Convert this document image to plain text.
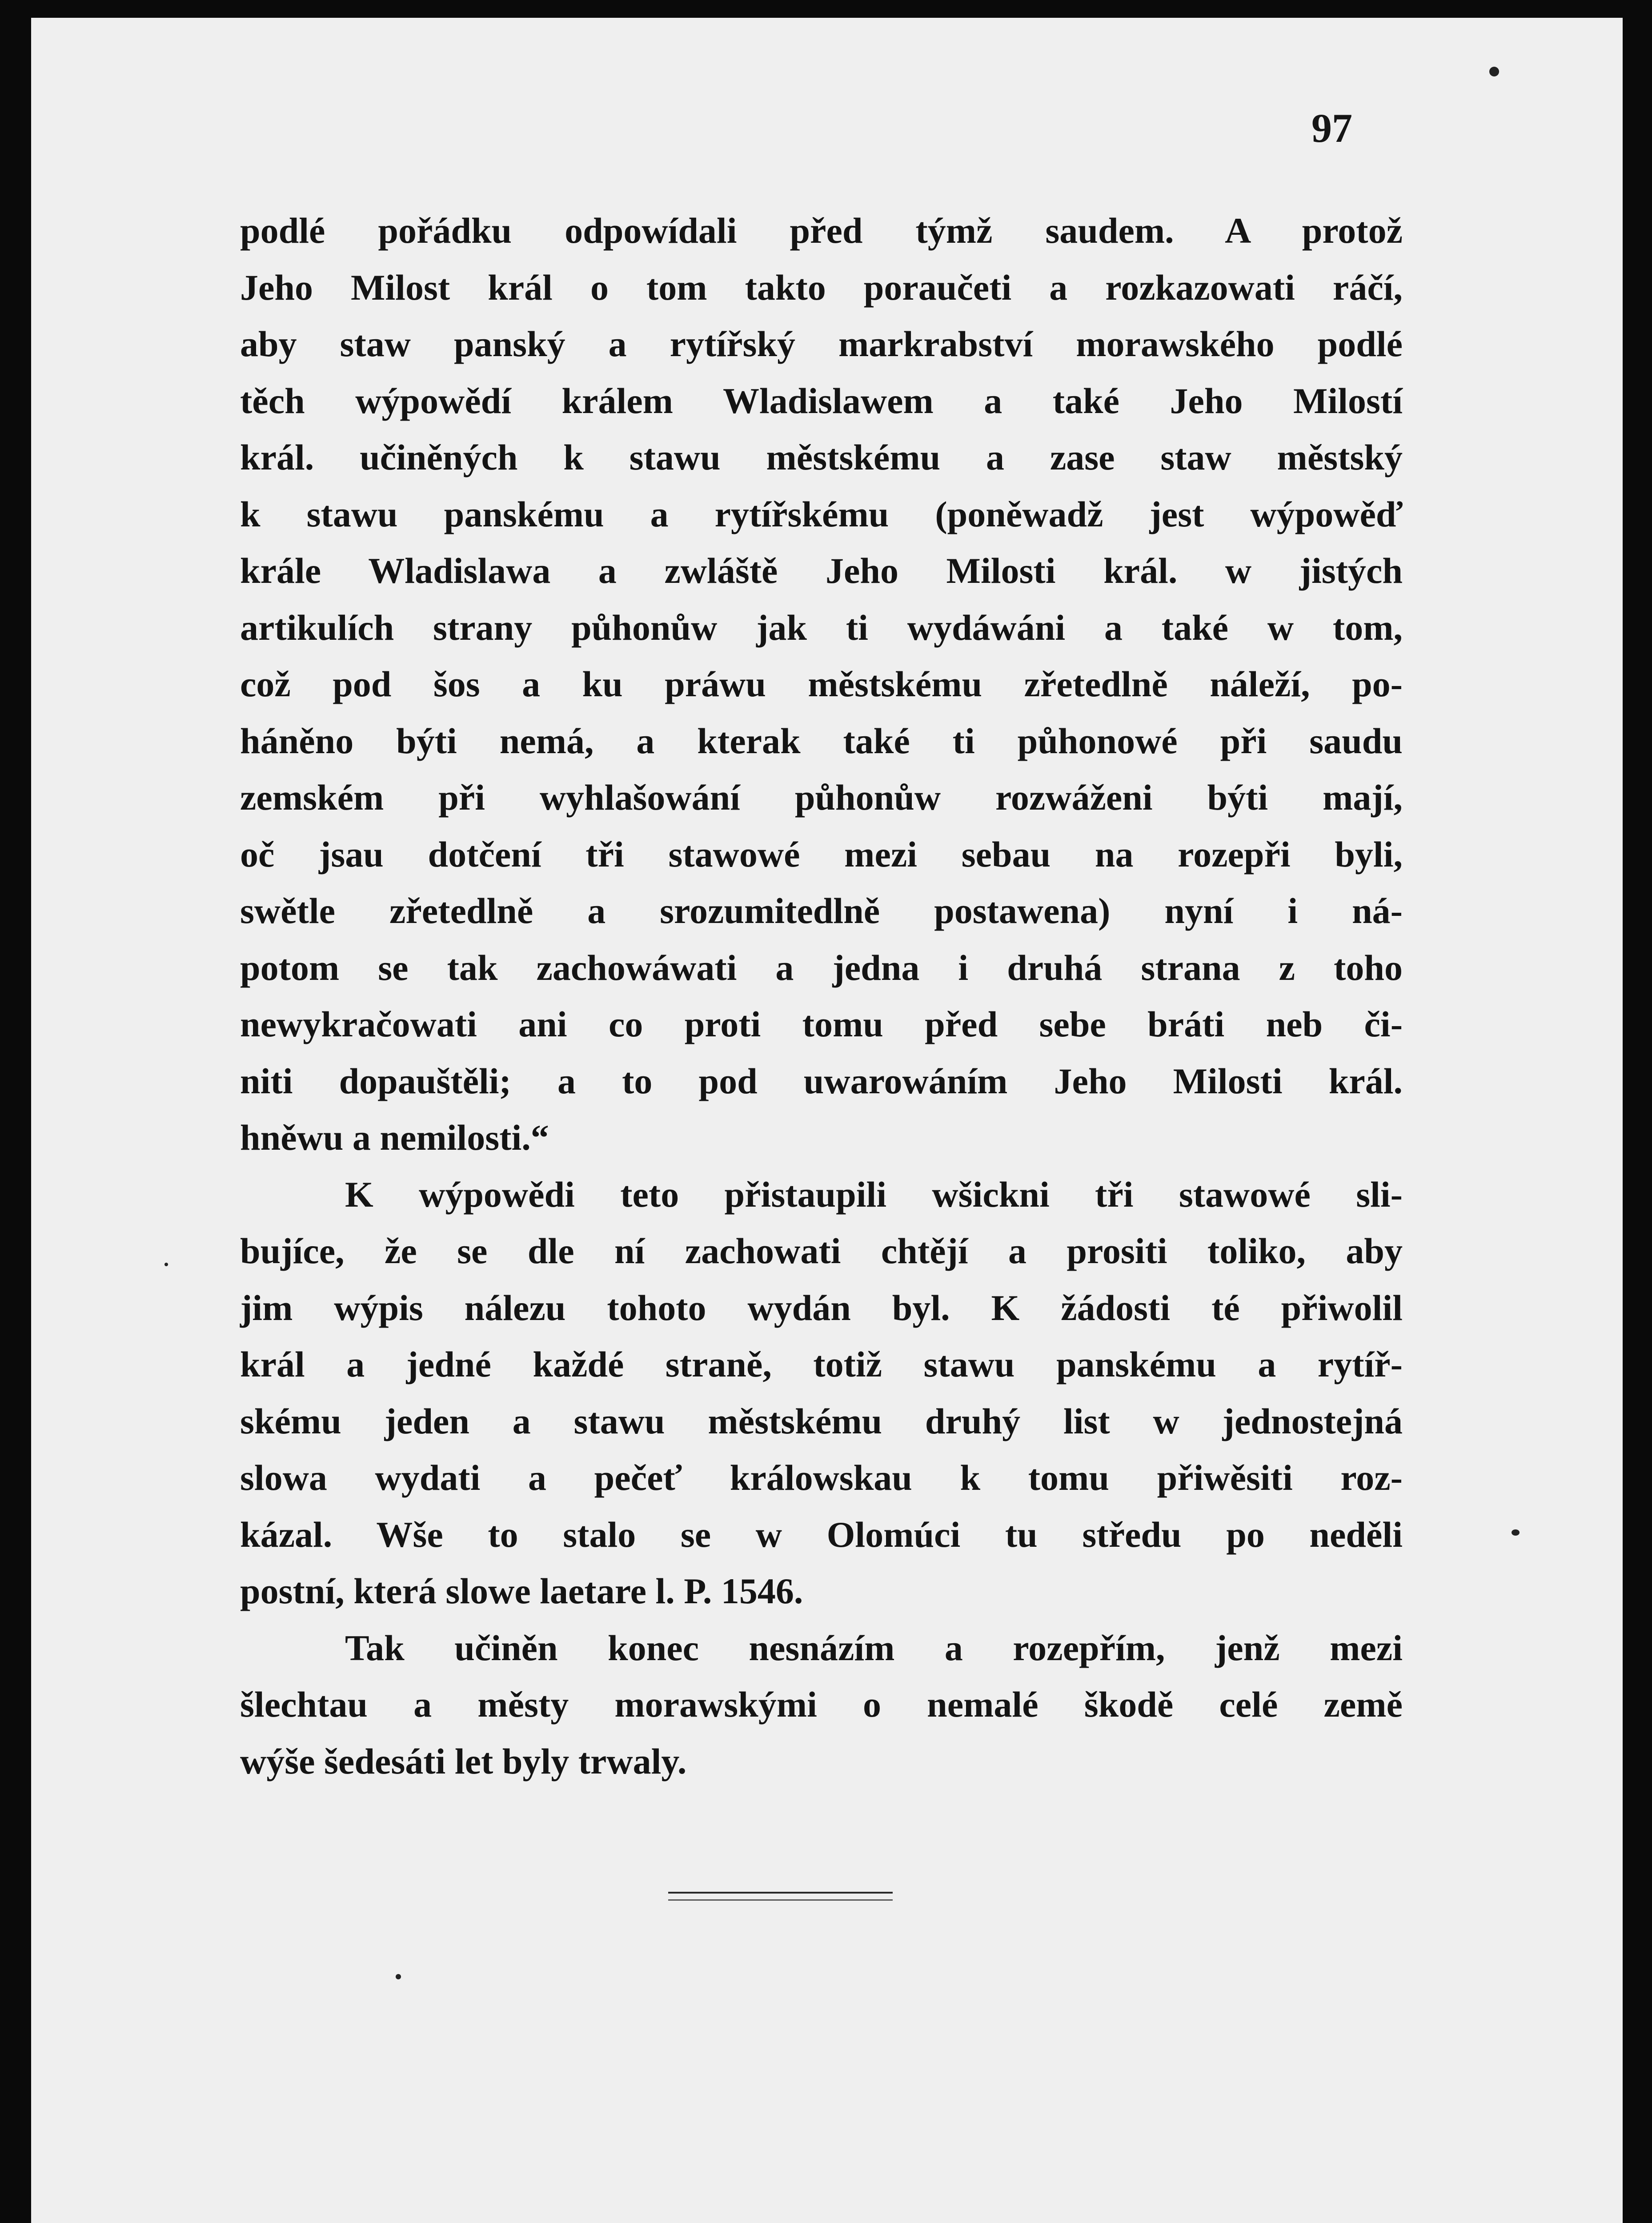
97
podlé pořádku odpowídali před týmž saudem. A protož
Jeho Milost král o tom takto poraučeti a rozkazowati ráčí,
aby staw panský a rytířský markrabství morawského podlé
těch wýpowědí králem Wladislawem a také Jeho Milostí
král. učiněných k stawu městskému a zase staw městský
k stawu panskému a rytířskému (poněwadž jest wýpowěď
krále Wladislawa a zwláště Jeho Milosti král. w jistých
artikulích strany půhonůw jak ti wydáwáni a také w tom,
což pod šos a ku práwu městskému zřetedlně náleží, po-
háněno býti nemá, a kterak také ti půhonowé při saudu
zemském při wyhlašowání půhonůw rozwáženi býti mají,
oč jsau dotčení tři stawowé mezi sebau na rozepři byli,
swětle zřetedlně a srozumitedlně postawena) nyní i ná-
potom se tak zachowáwati a jedna i druhá strana z toho
newykračowati ani co proti tomu před sebe bráti neb či-
niti dopauštěli; a to pod uwarowáním Jeho Milosti král.
hněwu a nemilosti.“
K wýpowědi teto přistaupili wšickni tři stawowé sli-
bujíce, že se dle ní zachowati chtějí a prositi toliko, aby
jim wýpis nálezu tohoto wydán byl. K žádosti té přiwolil
král a jedné každé straně, totiž stawu panskému a rytíř-
skému jeden a stawu městskému druhý list w jednostejná
slowa wydati a pečeť králowskau k tomu přiwěsiti roz-
kázal. Wše to stalo se w Olomúci tu středu po neděli
postní, která slowe laetare l. P. 1546.
Tak učiněn konec nesnázím a rozepřím, jenž mezi
šlechtau a městy morawskými o nemalé škodě celé země
wýše šedesáti let byly trwaly.
